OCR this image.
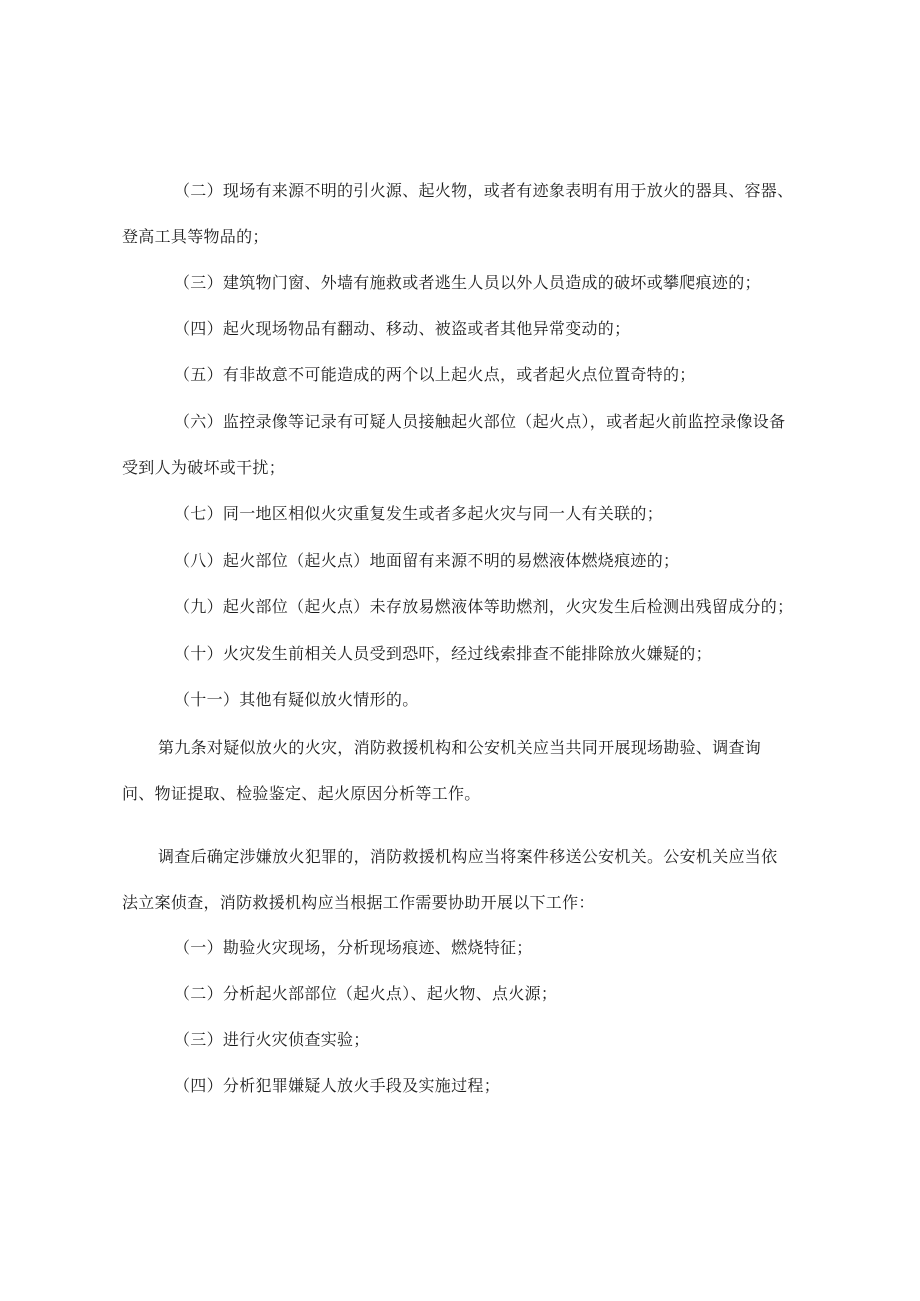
（二）现场有来源不明的引火源、起火物，或者有迹象表明有用于放火的器具、容器、
登高工具等物品的；
（三）建筑物门窗、外墙有施救或者逃生人员以外人员造成的破坏或攀爬痕迹的；
（四）起火现场物品有翻动、移动、被盗或者其他异常变动的；
（五）有非故意不可能造成的两个以上起火点，或者起火点位置奇特的；
（六）监控录像等记录有可疑人员接触起火部位（起火点），或者起火前监控录像设备
受到人为破坏或干扰；
（七）同一地区相似火灾重复发生或者多起火灾与同一人有关联的；
（八）起火部位（起火点）地面留有来源不明的易燃液体燃烧痕迹的；
（九）起火部位（起火点）未存放易燃液体等助燃剂，火灾发生后检测出残留成分的；
（十）火灾发生前相关人员受到恐吓，经过线索排查不能排除放火嫌疑的；
（十一）其他有疑似放火情形的。
第九条对疑似放火的火灾，消防救援机构和公安机关应当共同开展现场勘验、调查询
问、物证提取、检验鉴定、起火原因分析等工作。
调查后确定涉嫌放火犯罪的，消防救援机构应当将案件移送公安机关。公安机关应当依
法立案侦查，消防救援机构应当根据工作需要协助开展以下工作：
（一）勘验火灾现场，分析现场痕迹、燃烧特征；
（二）分析起火部部位（起火点）、起火物、点火源；
（三）进行火灾侦查实验；
（四）分析犯罪嫌疑人放火手段及实施过程；
